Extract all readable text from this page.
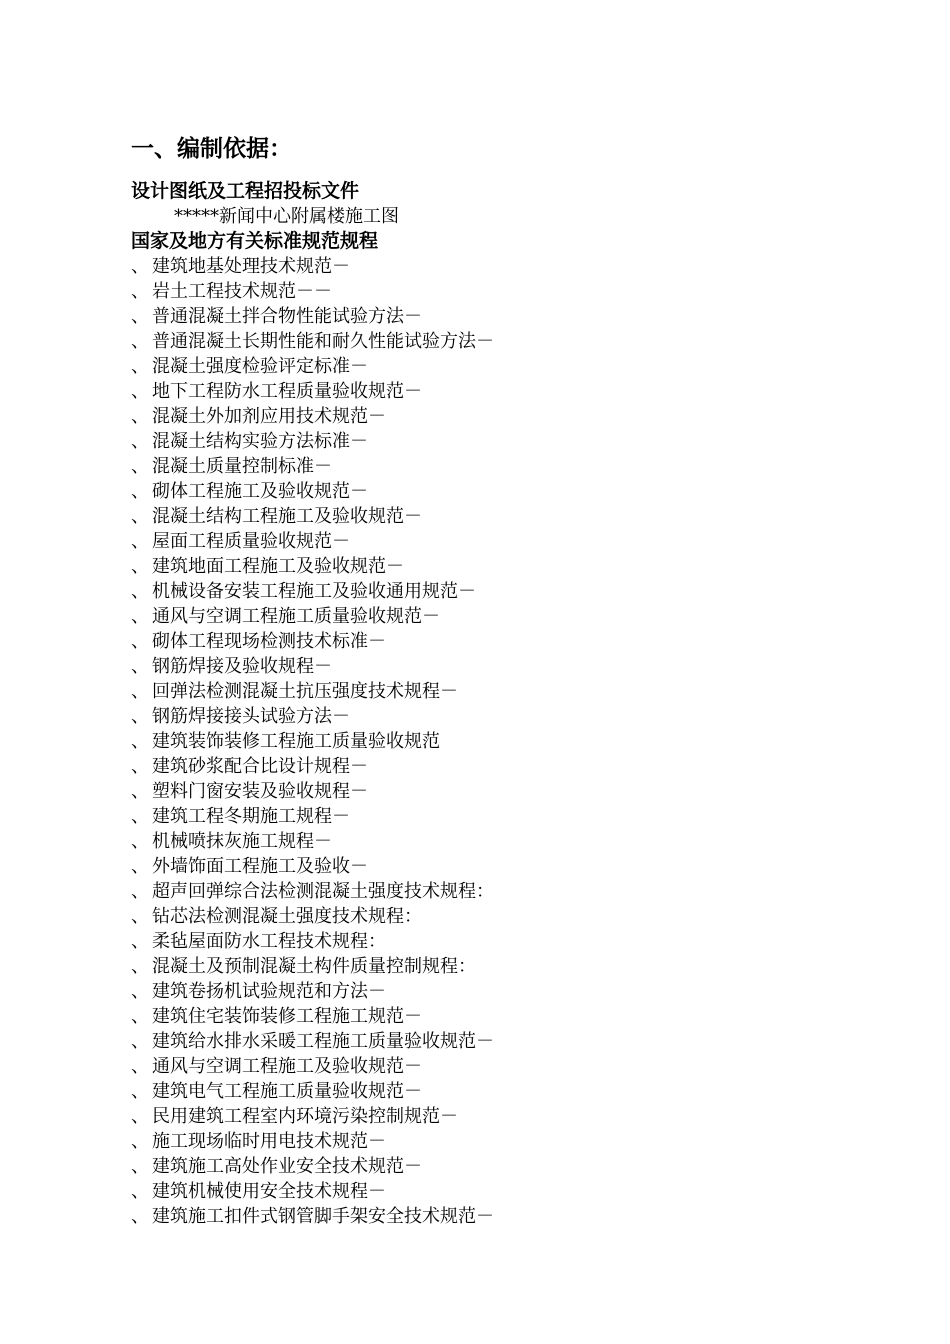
一、编制依据：
设计图纸及工程招投标文件
*****新闻中心附属楼施工图
国家及地方有关标准规范规程
、 建筑地基处理技术规范－
、 岩土工程技术规范－－
、 普通混凝土拌合物性能试验方法－
、 普通混凝土长期性能和耐久性能试验方法－
、 混凝土强度检验评定标准－
、 地下工程防水工程质量验收规范－
、 混凝土外加剂应用技术规范－
、 混凝土结构实验方法标准－
、 混凝土质量控制标准－
、 砌体工程施工及验收规范－
、 混凝土结构工程施工及验收规范－
、 屋面工程质量验收规范－
、 建筑地面工程施工及验收规范－
、 机械设备安装工程施工及验收通用规范－
、 通风与空调工程施工质量验收规范－
、 砌体工程现场检测技术标准－
、 钢筋焊接及验收规程－
、 回弹法检测混凝土抗压强度技术规程－
、 钢筋焊接接头试验方法－
、 建筑装饰装修工程施工质量验收规范
、 建筑砂浆配合比设计规程－
、 塑料门窗安装及验收规程－
、 建筑工程冬期施工规程－
、 机械喷抹灰施工规程－
、 外墙饰面工程施工及验收－
、 超声回弹综合法检测混凝土强度技术规程：
、 钻芯法检测混凝土强度技术规程：
、 柔毡屋面防水工程技术规程：
、 混凝土及预制混凝土构件质量控制规程：
、 建筑卷扬机试验规范和方法－
、 建筑住宅装饰装修工程施工规范－
、 建筑给水排水采暖工程施工质量验收规范－
、 通风与空调工程施工及验收规范－
、 建筑电气工程施工质量验收规范－
、 民用建筑工程室内环境污染控制规范－
、 施工现场临时用电技术规范－
、 建筑施工高处作业安全技术规范－
、 建筑机械使用安全技术规程－
、 建筑施工扣件式钢管脚手架安全技术规范－
